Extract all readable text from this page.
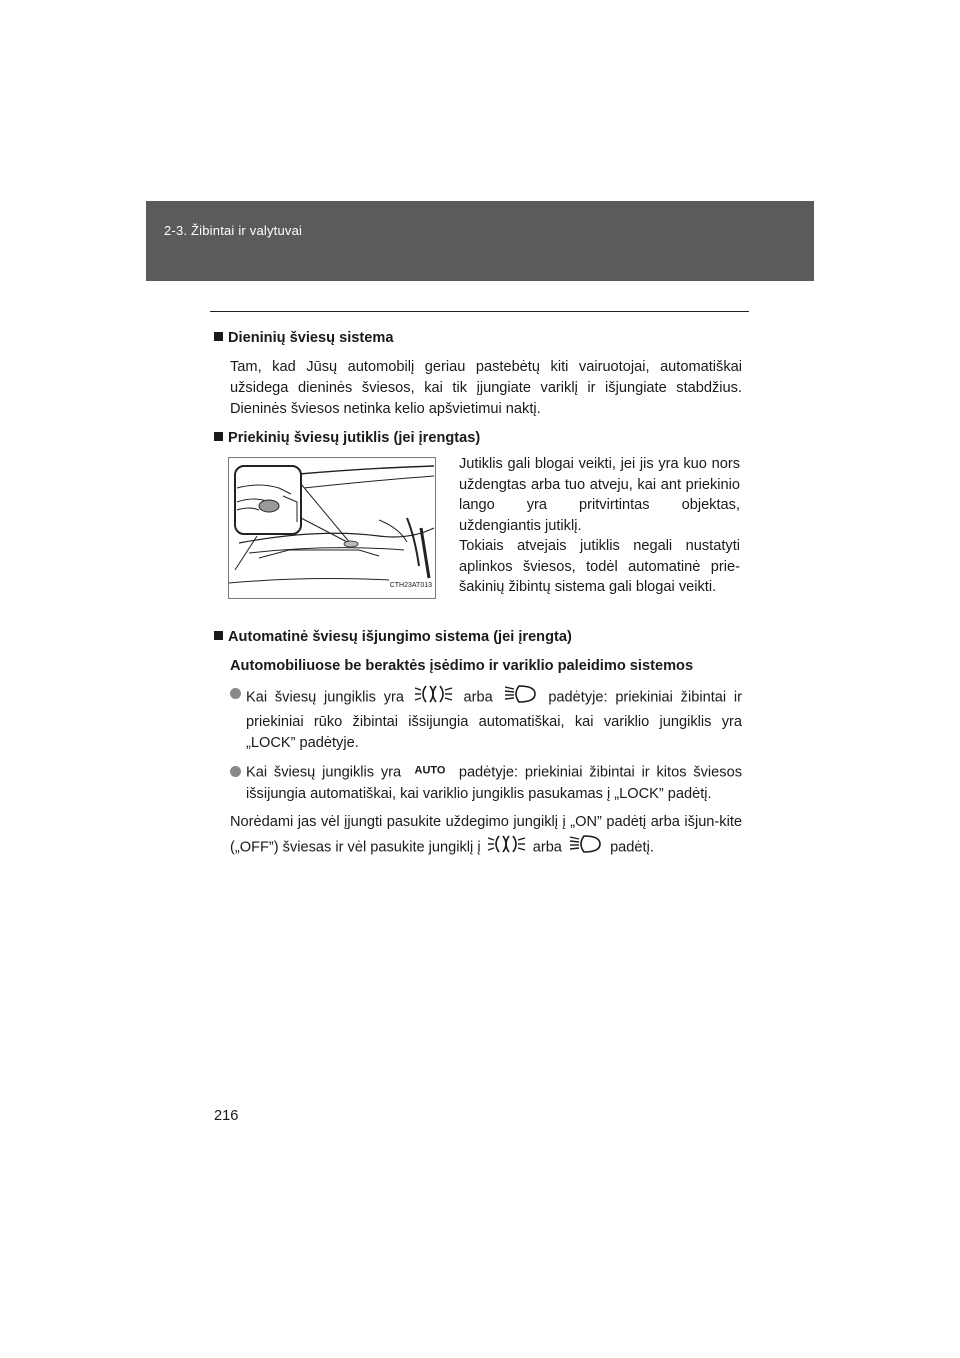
2-3. Žibintai ir valytuvai
Dieninių šviesų sistema

Tam, kad Jūsų automobilį geriau pastebėtų kiti vairuotojai, automatiškai užsidega dieninės šviesos, kai tik įjungiate variklį ir išjungiate stabdžius. Dieninės šviesos netinka kelio apšvietimui naktį.

Priekinių šviesų jutiklis (jei įrengtas)
CTH23AT013
Jutiklis gali blogai veikti, jei jis yra kuo nors uždengtas arba tuo atveju, kai ant priekinio lango yra pritvirtintas objektas, uždengiantis jutiklį.
Tokiais atvejais jutiklis negali nustatyti aplinkos šviesos, todėl automatinė prie-šakinių žibintų sistema gali blogai veikti.
Automatinė šviesų išjungimo sistema (jei įrengta)
Automobiliuose be beraktės įsėdimo ir variklio paleidimo sistemos
Kai šviesų jungiklis yra	arba	padėtyje: priekiniai žibintai ir priekiniai rūko žibintai išsijungia automatiškai, kai variklio jungiklis yra „LOCK” padėtyje.
Kai šviesų jungiklis yra AUTO padėtyje: priekiniai žibintai ir kitos šviesos išsijungia automatiškai, kai variklio jungiklis pasukamas į „LOCK” padėtį.
Norėdami jas vėl įjungti pasukite uždegimo jungiklį į „ON” padėtį arba išjun-kite („OFF”) šviesas ir vėl pasukite jungiklį į	arba	padėtį.
216
